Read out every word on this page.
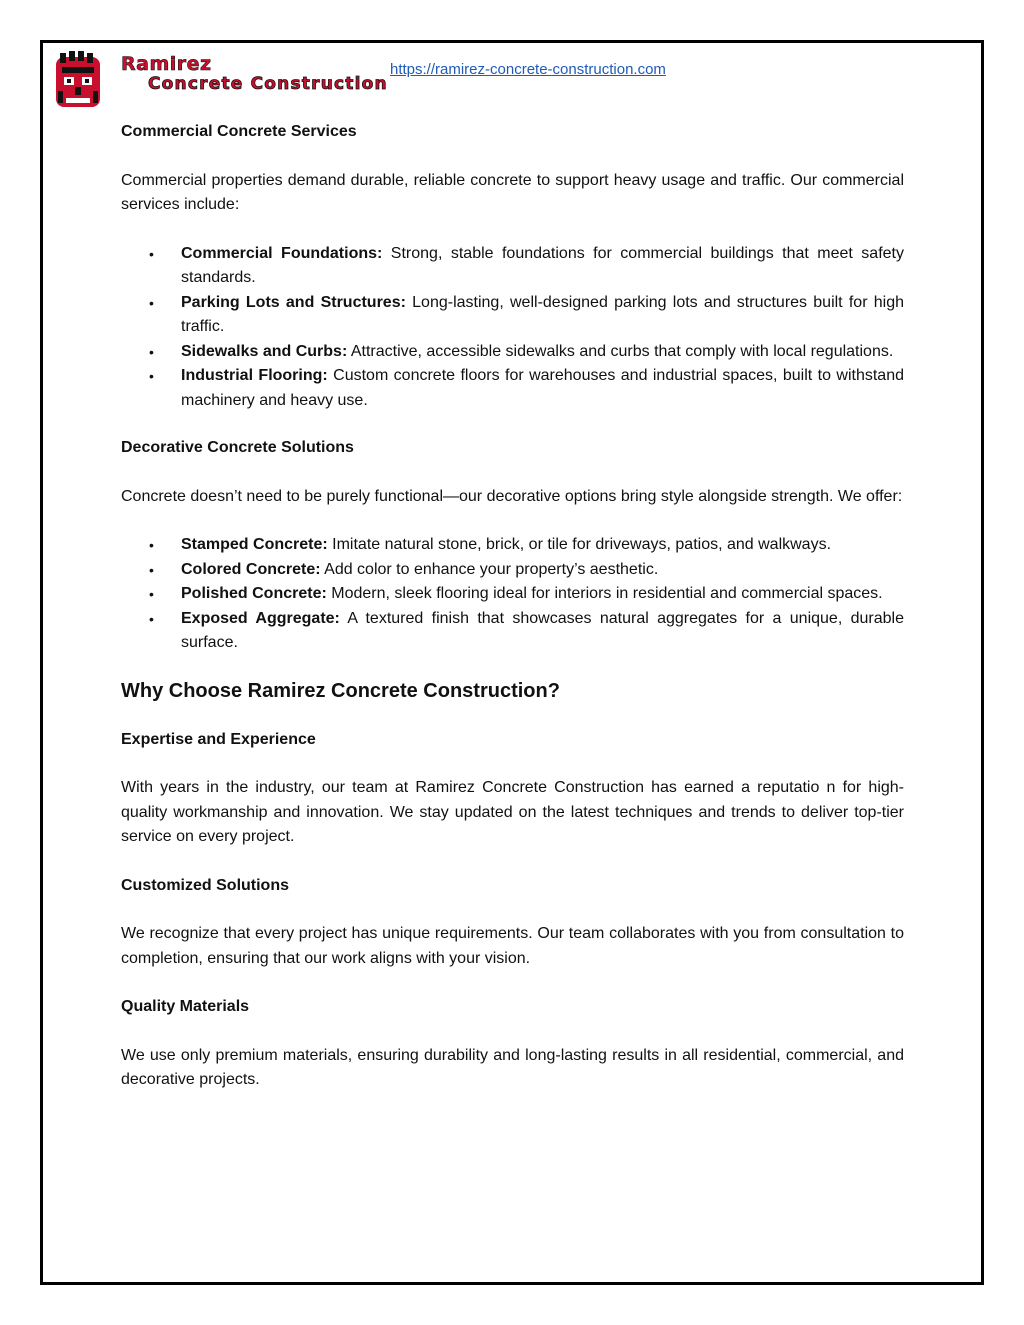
Ramirez
Concrete Construction
https://ramirez-concrete-construction.com
Commercial Concrete Services

Commercial properties demand durable, reliable concrete to support heavy usage and traffic. Our commercial services include:

• Commercial Foundations: Strong, stable foundations for commercial buildings that meet safety standards.
• Parking Lots and Structures: Long-lasting, well-designed parking lots and structures built for high traffic.
• Sidewalks and Curbs: Attractive, accessible sidewalks and curbs that comply with local regulations.
• Industrial Flooring: Custom concrete floors for warehouses and industrial spaces, built to withstand machinery and heavy use.
Decorative Concrete Solutions

Concrete doesn’t need to be purely functional—our decorative options bring style alongside strength. We offer:

• Stamped Concrete: Imitate natural stone, brick, or tile for driveways, patios, and walkways.
• Colored Concrete: Add color to enhance your property’s aesthetic.
• Polished Concrete: Modern, sleek flooring ideal for interiors in residential and commercial spaces.
• Exposed Aggregate: A textured finish that showcases natural aggregates for a unique, durable surface.
Why Choose Ramirez Concrete Construction?
Expertise and Experience

With years in the industry, our team at Ramirez Concrete Construction has earned a reputatio n for high-quality workmanship and innovation. We stay updated on the latest techniques and trends to deliver top-tier service on every project.

Customized Solutions

We recognize that every project has unique requirements. Our team collaborates with you from consultation to completion, ensuring that our work aligns with your vision.

Quality Materials

We use only premium materials, ensuring durability and long-lasting results in all residential, commercial, and decorative projects.
